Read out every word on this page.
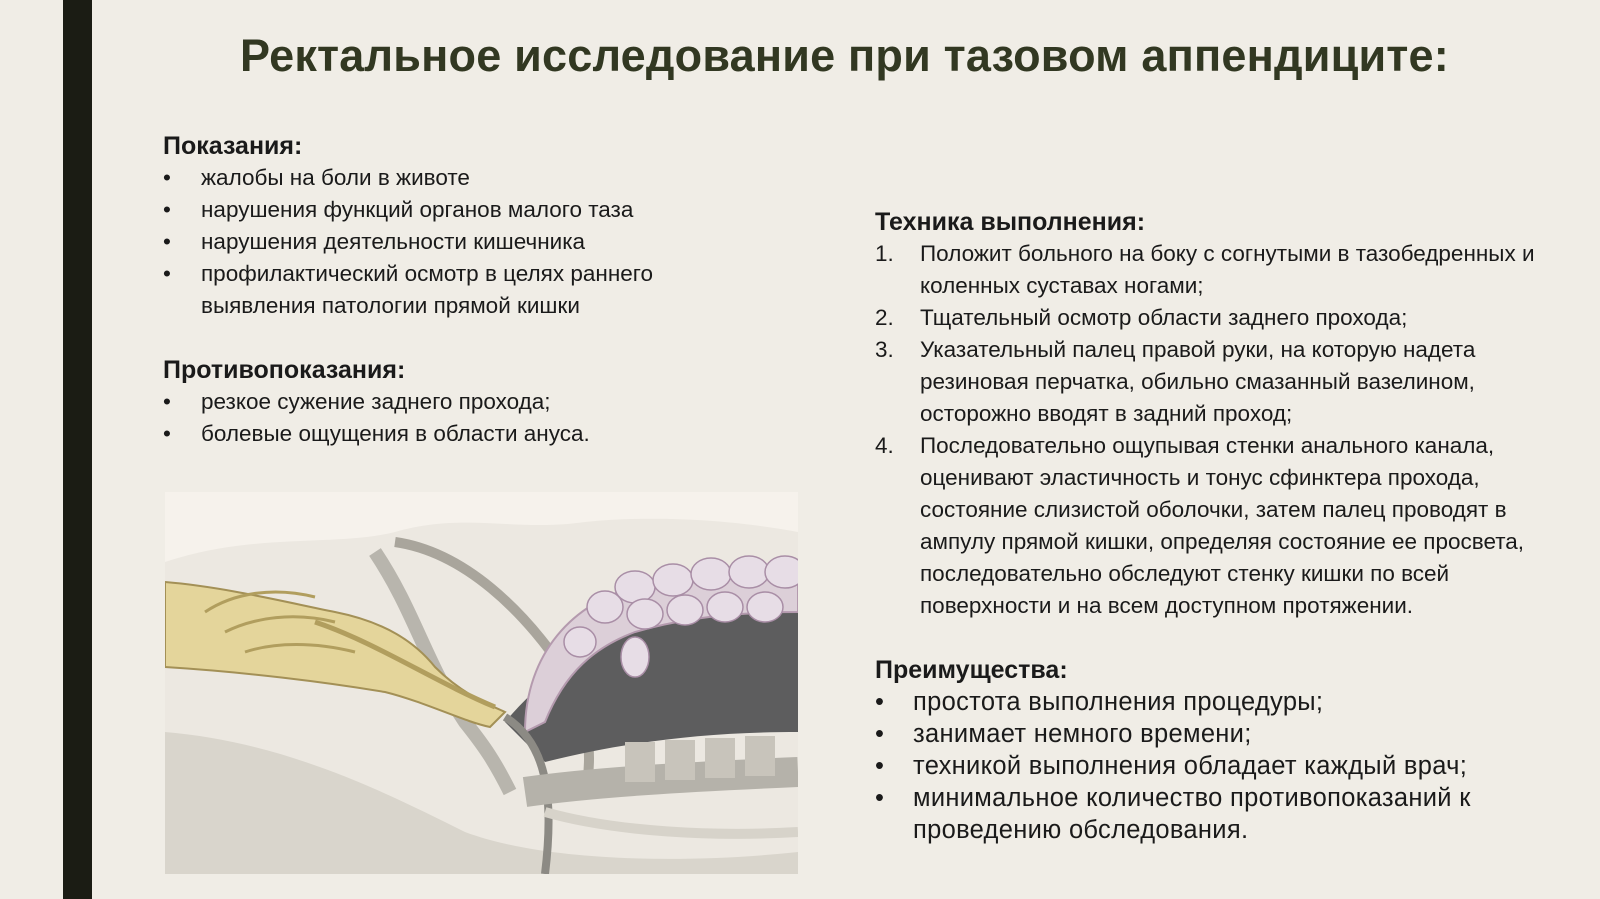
Ректальное исследование при тазовом аппендиците:

Показания:

• жалобы на боли в животе
• нарушения функций органов малого таза
• нарушения деятельности кишечника
• профилактический осмотр в целях раннего выявления патологии прямой кишки

Противопоказания:

• резкое сужение заднего прохода;
• болевые ощущения в области ануса.

Техника выполнения:

1. Положит больного на боку с согнутыми в тазобедренных и коленных суставах ногами;
2. Тщательный осмотр области заднего прохода;
3. Указательный палец правой руки, на которую надета резиновая перчатка, обильно смазанный вазелином, осторожно вводят в задний проход;
4. Последовательно ощупывая стенки анального канала, оценивают эластичность и тонус сфинктера прохода, состояние слизистой оболочки, затем палец проводят в ампулу прямой кишки, определяя состояние ее просвета, последовательно обследуют стенку кишки по всей поверхности и на всем доступном протяжении.

Преимущества:

• простота выполнения процедуры;
• занимает немного времени;
• техникой выполнения обладает каждый врач;
• минимальное количество противопоказаний к проведению обследования.
